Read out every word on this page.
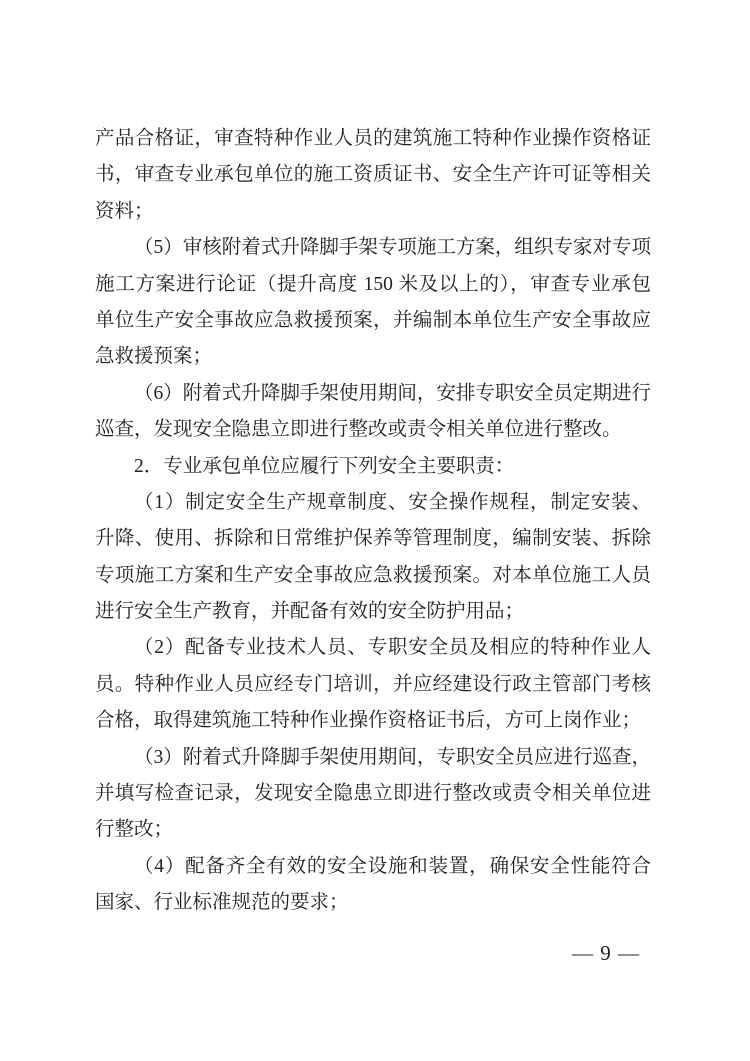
产品合格证，审查特种作业人员的建筑施工特种作业操作资格证
书，审查专业承包单位的施工资质证书、安全生产许可证等相关
资料；
（5）审核附着式升降脚手架专项施工方案，组织专家对专项
施工方案进行论证（提升高度 150 米及以上的），审查专业承包
单位生产安全事故应急救援预案，并编制本单位生产安全事故应
急救援预案；
（6）附着式升降脚手架使用期间，安排专职安全员定期进行
巡查，发现安全隐患立即进行整改或责令相关单位进行整改。
2．专业承包单位应履行下列安全主要职责：
（1）制定安全生产规章制度、安全操作规程，制定安装、
升降、使用、拆除和日常维护保养等管理制度，编制安装、拆除
专项施工方案和生产安全事故应急救援预案。对本单位施工人员
进行安全生产教育，并配备有效的安全防护用品；
（2）配备专业技术人员、专职安全员及相应的特种作业人
员。特种作业人员应经专门培训，并应经建设行政主管部门考核
合格，取得建筑施工特种作业操作资格证书后，方可上岗作业；
（3）附着式升降脚手架使用期间，专职安全员应进行巡查，
并填写检查记录，发现安全隐患立即进行整改或责令相关单位进
行整改；
（4）配备齐全有效的安全设施和装置，确保安全性能符合
国家、行业标准规范的要求；
— 9 —
